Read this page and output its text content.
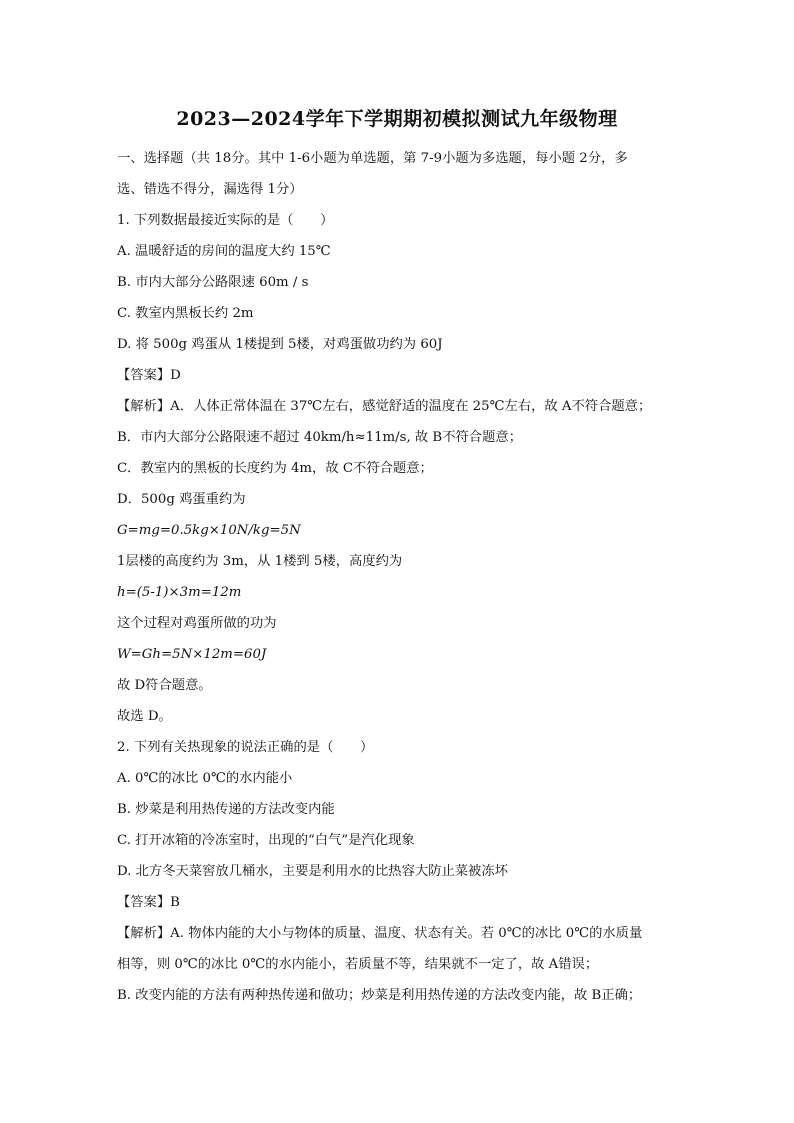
2023—2024学年下学期期初模拟测试九年级物理
一、选择题（共 18分。其中 1-6小题为单选题，第 7-9小题为多选题，每小题 2分，多
选、错选不得分，漏选得 1分）
1. 下列数据最接近实际的是（　　）
A. 温暖舒适的房间的温度大约 15℃
B. 市内大部分公路限速 60m / s
C. 教室内黑板长约 2m
D. 将 500g 鸡蛋从 1楼提到 5楼，对鸡蛋做功约为 60J
【答案】D
【解析】A．人体正常体温在 37℃左右，感觉舒适的温度在 25℃左右，故 A不符合题意；
B．市内大部分公路限速不超过 40km/h≈11m/s, 故 B不符合题意；
C．教室内的黑板的长度约为 4m，故 C不符合题意；
D．500g 鸡蛋重约为
G=mg=0.5kg×10N/kg=5N
1层楼的高度约为 3m，从 1楼到 5楼，高度约为
h=(5-1)×3m=12m
这个过程对鸡蛋所做的功为
W=Gh=5N×12m=60J
故 D符合题意。
故选 D。
2. 下列有关热现象的说法正确的是（　　）
A. 0℃的冰比 0℃的水内能小
B. 炒菜是利用热传递的方法改变内能
C. 打开冰箱的冷冻室时，出现的“白气”是汽化现象
D. 北方冬天菜窖放几桶水，主要是利用水的比热容大防止菜被冻坏
【答案】B
【解析】A. 物体内能的大小与物体的质量、温度、状态有关。若 0℃的冰比 0℃的水质量
相等，则 0℃的冰比 0℃的水内能小，若质量不等，结果就不一定了，故 A错误；
B. 改变内能的方法有两种热传递和做功；炒菜是利用热传递的方法改变内能，故 B正确；
